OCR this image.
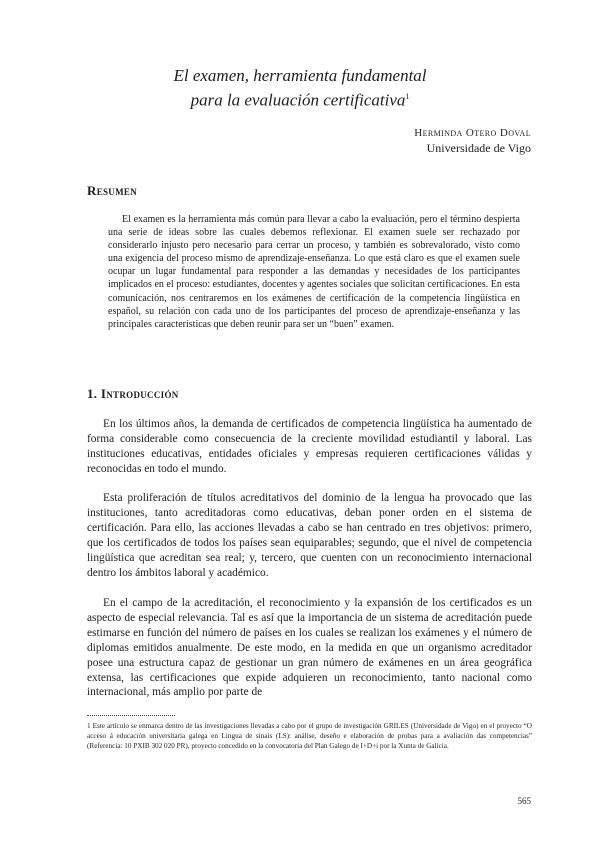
El examen, herramienta fundamental
para la evaluación certificativa$^1$
Herminda Otero Doval
Universidade de Vigo
Resumen

El examen es la herramienta más común para llevar a cabo la evaluación, pero el término despierta una serie de ideas sobre las cuales debemos reflexionar. El examen suele ser rechazado por considerarlo injusto pero necesario para cerrar un proceso, y también es sobrevalorado, visto como una exigencia del proceso mismo de aprendizaje-enseñanza. Lo que está claro es que el examen suele ocupar un lugar fundamental para responder a las demandas y necesidades de los participantes implicados en el proceso: estudiantes, docentes y agentes sociales que solicitan certificaciones. En esta comunicación, nos centraremos en los exámenes de certificación de la competencia lingüística en español, su relación con cada uno de los participantes del proceso de aprendizaje-enseñanza y las principales características que deben reunir para ser un “buen” examen.

1. Introducción

En los últimos años, la demanda de certificados de competencia lingüística ha aumentado de forma considerable como consecuencia de la creciente movilidad estudiantil y laboral. Las instituciones educativas, entidades oficiales y empresas requieren certificaciones válidas y reconocidas en todo el mundo.

Esta proliferación de títulos acreditativos del dominio de la lengua ha provocado que las instituciones, tanto acreditadoras como educativas, deban poner orden en el sistema de certificación. Para ello, las acciones llevadas a cabo se han centrado en tres objetivos: primero, que los certificados de todos los países sean equiparables; segundo, que el nivel de competencia lingüística que acreditan sea real; y, tercero, que cuenten con un reconocimiento internacional dentro los ámbitos laboral y académico.

En el campo de la acreditación, el reconocimiento y la expansión de los certificados es un aspecto de especial relevancia. Tal es así que la importancia de un sistema de acreditación puede estimarse en función del número de países en los cuales se realizan los exámenes y el número de diplomas emitidos anualmente. De este modo, en la medida en que un organismo acreditador posee una estructura capaz de gestionar un gran número de exámenes en un área geográfica extensa, las certificaciones que expide adquieren un reconocimiento, tanto nacional como internacional, más amplio por parte de

1 Este artículo se enmarca dentro de las investigaciones llevadas a cabo por el grupo de investigación GRILES (Universidade de Vigo) en el proyecto “O acceso á educación universitaria galega en Lingua de sinais (LS): análise, deseño e elaboración de probas para a avaliación das competencias” (Referencia: 10 PXIB 302 020 PR), proyecto concedido en la convocatoria del Plan Galego de I+D+i por la Xunta de Galicia.

565
